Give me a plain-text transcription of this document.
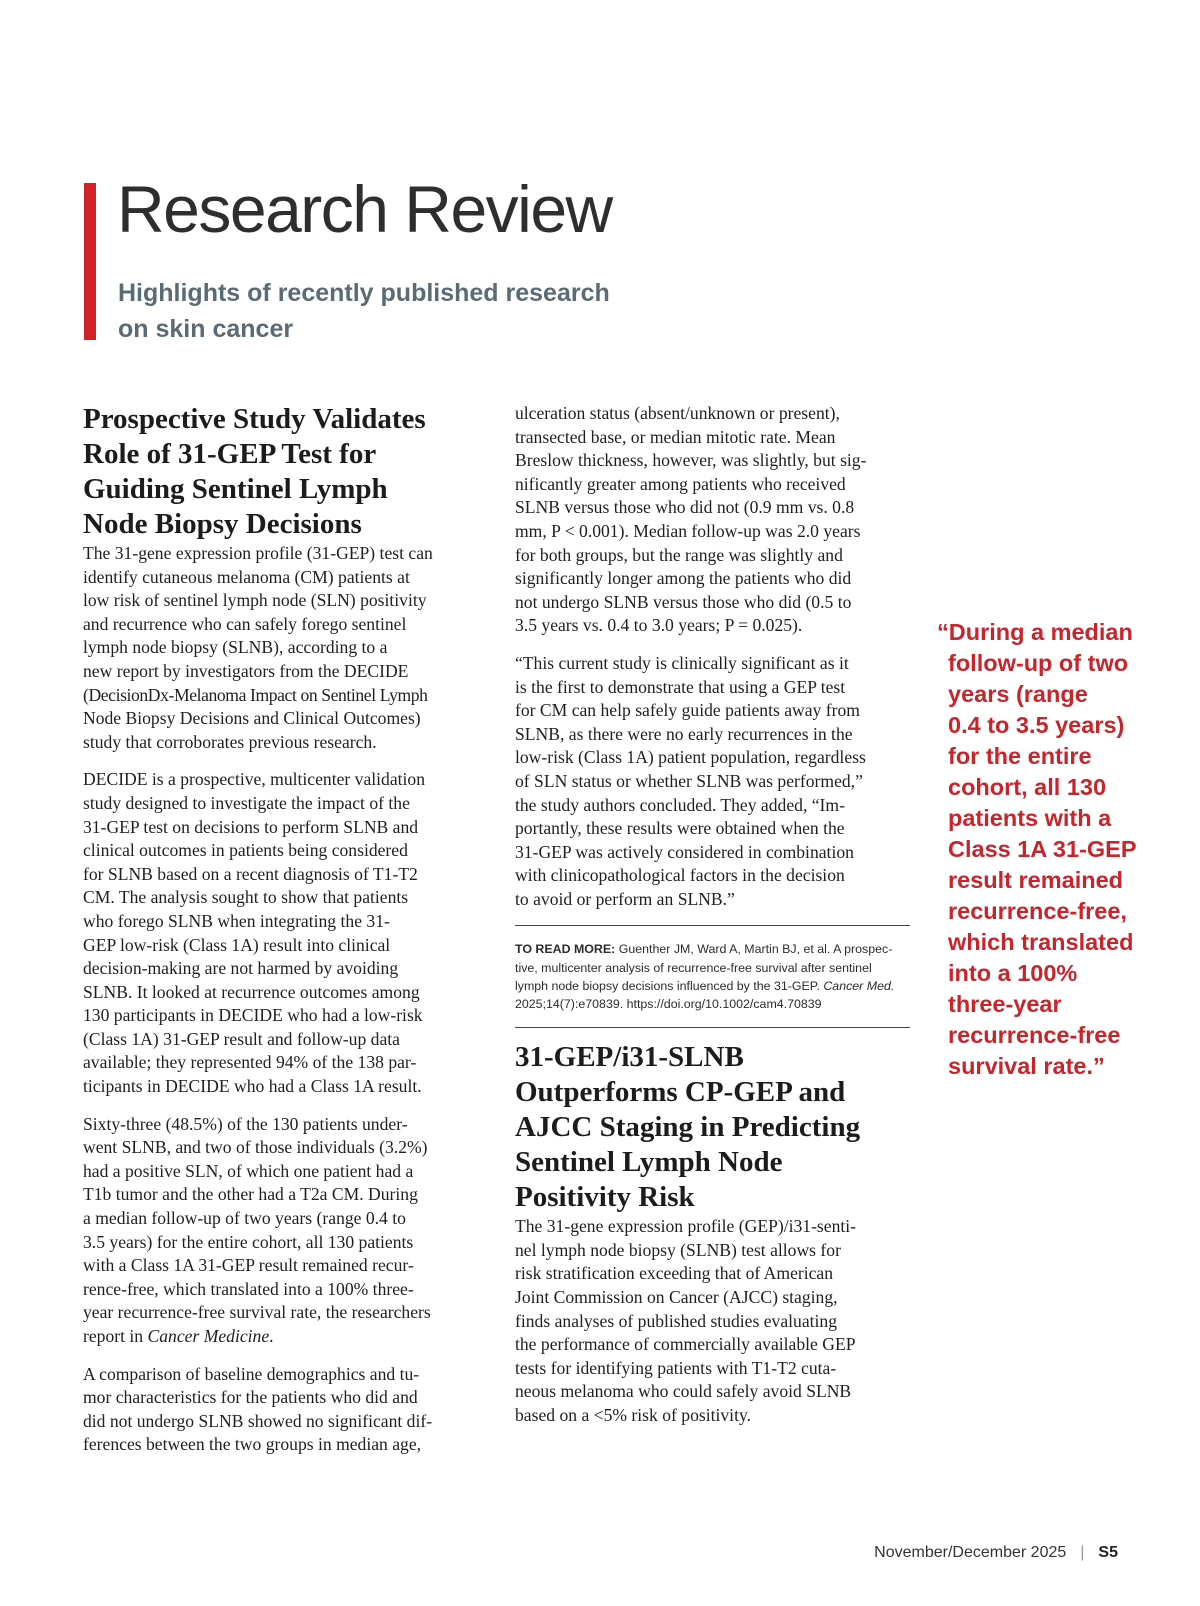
Research Review
Highlights of recently published research
on skin cancer
Prospective Study Validates
Role of 31-GEP Test for
Guiding Sentinel Lymph
Node Biopsy Decisions

The 31-gene expression profile (31-GEP) test can
identify cutaneous melanoma (CM) patients at
low risk of sentinel lymph node (SLN) positivity
and recurrence who can safely forego sentinel
lymph node biopsy (SLNB), according to a
new report by investigators from the DECIDE
(DecisionDx-Melanoma Impact on Sentinel Lymph
Node Biopsy Decisions and Clinical Outcomes)
study that corroborates previous research.

DECIDE is a prospective, multicenter validation
study designed to investigate the impact of the
31-GEP test on decisions to perform SLNB and
clinical outcomes in patients being considered
for SLNB based on a recent diagnosis of T1-T2
CM. The analysis sought to show that patients
who forego SLNB when integrating the 31-
GEP low-risk (Class 1A) result into clinical
decision-making are not harmed by avoiding
SLNB. It looked at recurrence outcomes among
130 participants in DECIDE who had a low-risk
(Class 1A) 31-GEP result and follow-up data
available; they represented 94% of the 138 par-
ticipants in DECIDE who had a Class 1A result.

Sixty-three (48.5%) of the 130 patients under-
went SLNB, and two of those individuals (3.2%)
had a positive SLN, of which one patient had a
T1b tumor and the other had a T2a CM. During
a median follow-up of two years (range 0.4 to
3.5 years) for the entire cohort, all 130 patients
with a Class 1A 31-GEP result remained recur-
rence-free, which translated into a 100% three-
year recurrence-free survival rate, the researchers
report in Cancer Medicine.

A comparison of baseline demographics and tu-
mor characteristics for the patients who did and
did not undergo SLNB showed no significant dif-
ferences between the two groups in median age,

ulceration status (absent/unknown or present),
transected base, or median mitotic rate. Mean
Breslow thickness, however, was slightly, but sig-
nificantly greater among patients who received
SLNB versus those who did not (0.9 mm vs. 0.8
mm, P < 0.001). Median follow-up was 2.0 years
for both groups, but the range was slightly and
significantly longer among the patients who did
not undergo SLNB versus those who did (0.5 to
3.5 years vs. 0.4 to 3.0 years; P = 0.025).

“This current study is clinically significant as it
is the first to demonstrate that using a GEP test
for CM can help safely guide patients away from
SLNB, as there were no early recurrences in the
low-risk (Class 1A) patient population, regardless
of SLN status or whether SLNB was performed,”
the study authors concluded. They added, “Im-
portantly, these results were obtained when the
31-GEP was actively considered in combination
with clinicopathological factors in the decision
to avoid or perform an SLNB.”

TO READ MORE: Guenther JM, Ward A, Martin BJ, et al. A prospec-
tive, multicenter analysis of recurrence-free survival after sentinel
lymph node biopsy decisions influenced by the 31-GEP. Cancer Med.
2025;14(7):e70839. https://doi.org/10.1002/cam4.70839
31-GEP/i31-SLNB
Outperforms CP-GEP and
AJCC Staging in Predicting
Sentinel Lymph Node
Positivity Risk

The 31-gene expression profile (GEP)/i31-senti-
nel lymph node biopsy (SLNB) test allows for
risk stratification exceeding that of American
Joint Commission on Cancer (AJCC) staging,
finds analyses of published studies evaluating
the performance of commercially available GEP
tests for identifying patients with T1-T2 cuta-
neous melanoma who could safely avoid SLNB
based on a <5% risk of positivity.

“During a median
follow-up of two
years (range
0.4 to 3.5 years)
for the entire
cohort, all 130
patients with a
Class 1A 31-GEP
result remained
recurrence-free,
which translated
into a 100%
three-year
recurrence-free
survival rate.”
November/December 2025 | S5
